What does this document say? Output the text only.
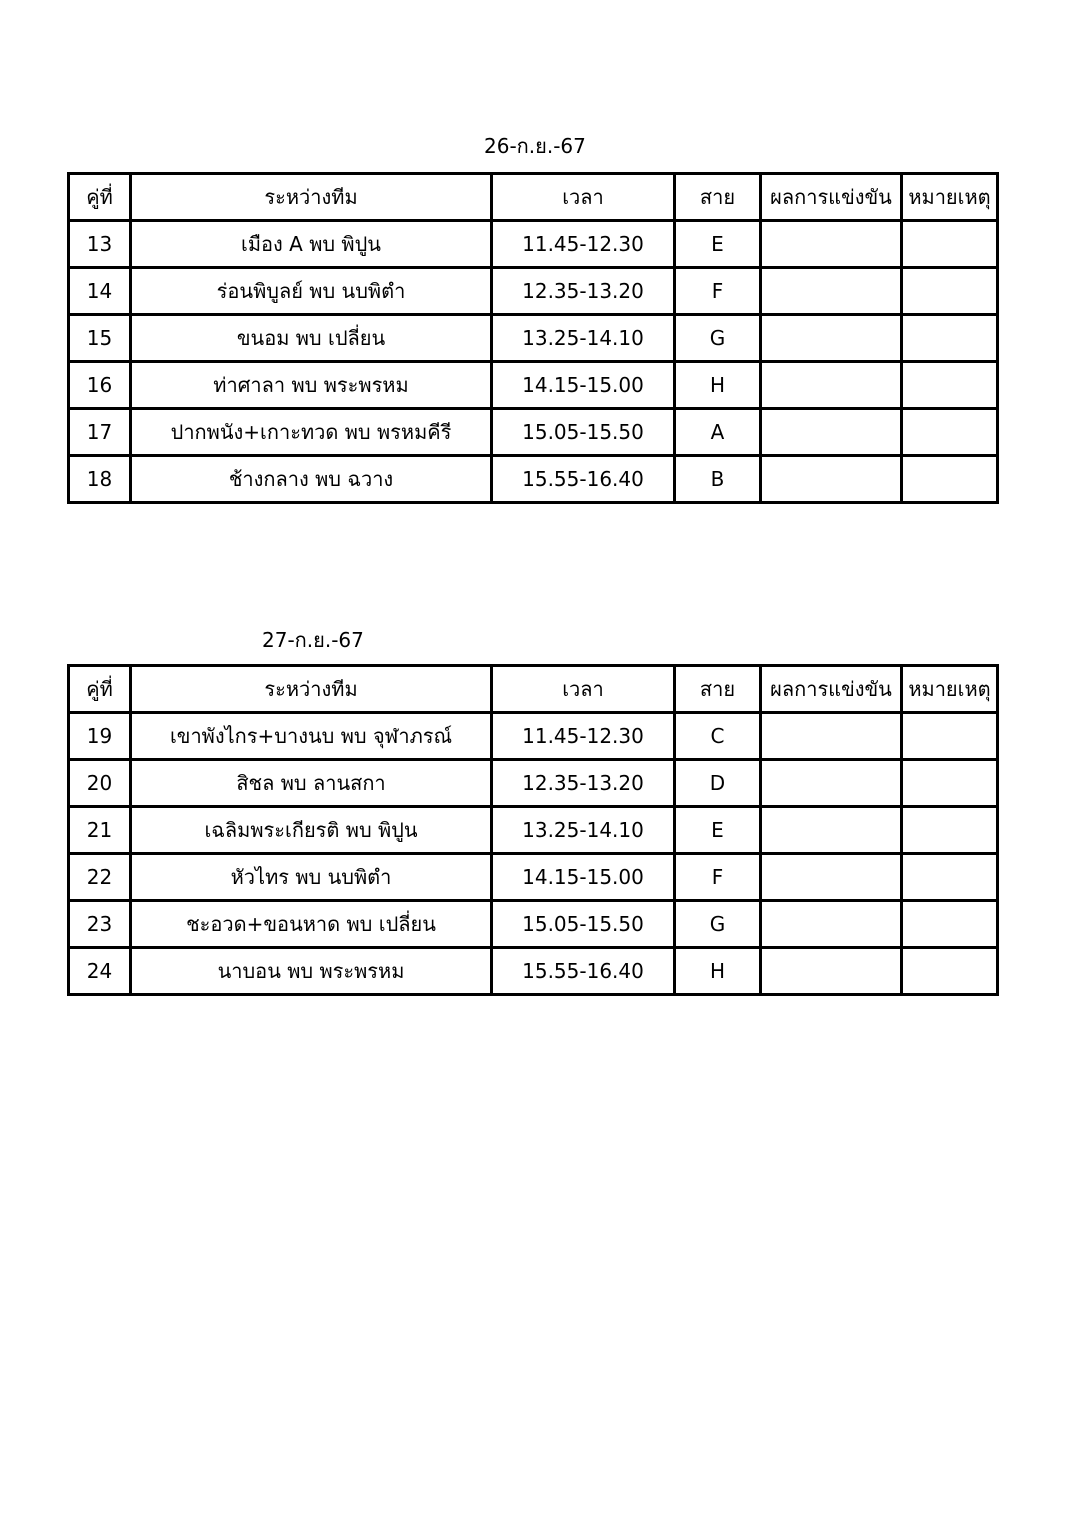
26-ก.ย.-67
คู่ที่	ระหว่างทีม	เวลา	สาย	ผลการแข่งขัน	หมายเหตุ
13	เมือง A พบ พิปูน	11.45-12.30	E		
14	ร่อนพิบูลย์ พบ นบพิตำ	12.35-13.20	F		
15	ขนอม พบ เปลี่ยน	13.25-14.10	G		
16	ท่าศาลา พบ พระพรหม	14.15-15.00	H		
17	ปากพนัง+เกาะทวด พบ พรหมคีรี	15.05-15.50	A		
18	ช้างกลาง พบ ฉวาง	15.55-16.40	B		
27-ก.ย.-67
คู่ที่	ระหว่างทีม	เวลา	สาย	ผลการแข่งขัน	หมายเหตุ
19	เขาพังไกร+บางนบ พบ จุฬาภรณ์	11.45-12.30	C		
20	สิชล พบ ลานสกา	12.35-13.20	D		
21	เฉลิมพระเกียรติ พบ พิปูน	13.25-14.10	E		
22	หัวไทร พบ นบพิตำ	14.15-15.00	F		
23	ชะอวด+ขอนหาด พบ เปลี่ยน	15.05-15.50	G		
24	นาบอน พบ พระพรหม	15.55-16.40	H		
